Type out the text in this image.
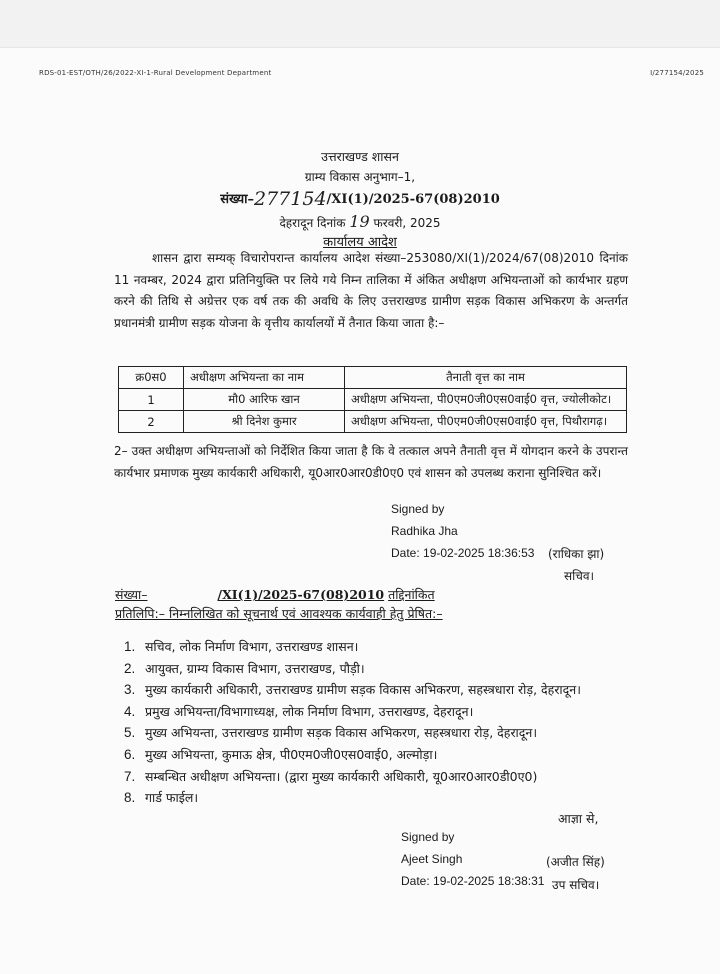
RDS-01-EST/OTH/26/2022-XI-1-Rural Development Department	I/277154/2025
उत्तराखण्ड शासन
ग्राम्य विकास अनुभाग–1,
संख्या–277154/XI(1)/2025-67(08)2010
देहरादून दिनांक 19 फरवरी, 2025
कार्यालय आदेश
शासन द्वारा सम्यक् विचारोपरान्त कार्यालय आदेश संख्या–253080/XI(1)/2024/67(08)2010 दिनांक 11 नवम्बर, 2024 द्वारा प्रतिनियुक्ति पर लिये गये निम्न तालिका में अंकित अधीक्षण अभियन्ताओं को कार्यभार ग्रहण करने की तिथि से अग्रेत्तर एक वर्ष तक की अवधि के लिए उत्तराखण्ड ग्रामीण सड़क विकास अभिकरण के अन्तर्गत प्रधानमंत्री ग्रामीण सड़क योजना के वृत्तीय कार्यालयों में तैनात किया जाता है:–
क्र0स0	अधीक्षण अभियन्ता का नाम	तैनाती वृत्त का नाम
1	मौ0 आरिफ खान	अधीक्षण अभियन्ता, पी0एम0जी0एस0वाई0 वृत्त, ज्योलीकोट।
2	श्री दिनेश कुमार	अधीक्षण अभियन्ता, पी0एम0जी0एस0वाई0 वृत्त, पिथौरागढ़।
2– उक्त अधीक्षण अभियन्ताओं को निर्देशित किया जाता है कि वे तत्काल अपने तैनाती वृत्त में योगदान करने के उपरान्त कार्यभार प्रमाणक मुख्य कार्यकारी अधिकारी, यू0आर0आर0डी0ए0 एवं शासन को उपलब्ध कराना सुनिश्चित करें।
Signed by
Radhika Jha
Date: 19-02-2025 18:36:53 (राधिका झा)
सचिव।
संख्या–	/XI(1)/2025-67(08)2010 तद्दिनांकित
प्रतिलिपि:– निम्नलिखित को सूचनार्थ एवं आवश्यक कार्यवाही हेतु प्रेषित:–
1. सचिव, लोक निर्माण विभाग, उत्तराखण्ड शासन।
2. आयुक्त, ग्राम्य विकास विभाग, उत्तराखण्ड, पौड़ी।
3. मुख्य कार्यकारी अधिकारी, उत्तराखण्ड ग्रामीण सड़क विकास अभिकरण, सहस्त्रधारा रोड़, देहरादून।
4. प्रमुख अभियन्ता/विभागाध्यक्ष, लोक निर्माण विभाग, उत्तराखण्ड, देहरादून।
5. मुख्य अभियन्ता, उत्तराखण्ड ग्रामीण सड़क विकास अभिकरण, सहस्त्रधारा रोड़, देहरादून।
6. मुख्य अभियन्ता, कुमाऊ क्षेत्र, पी0एम0जी0एस0वाई0, अल्मोड़ा।
7. सम्बन्धित अधीक्षण अभियन्ता। (द्वारा मुख्य कार्यकारी अधिकारी, यू0आर0आर0डी0ए0)
8. गार्ड फाईल।
आज्ञा से,
Signed by
Ajeet Singh
Date: 19-02-2025 18:38:31
(अजीत सिंह)
उप सचिव।
